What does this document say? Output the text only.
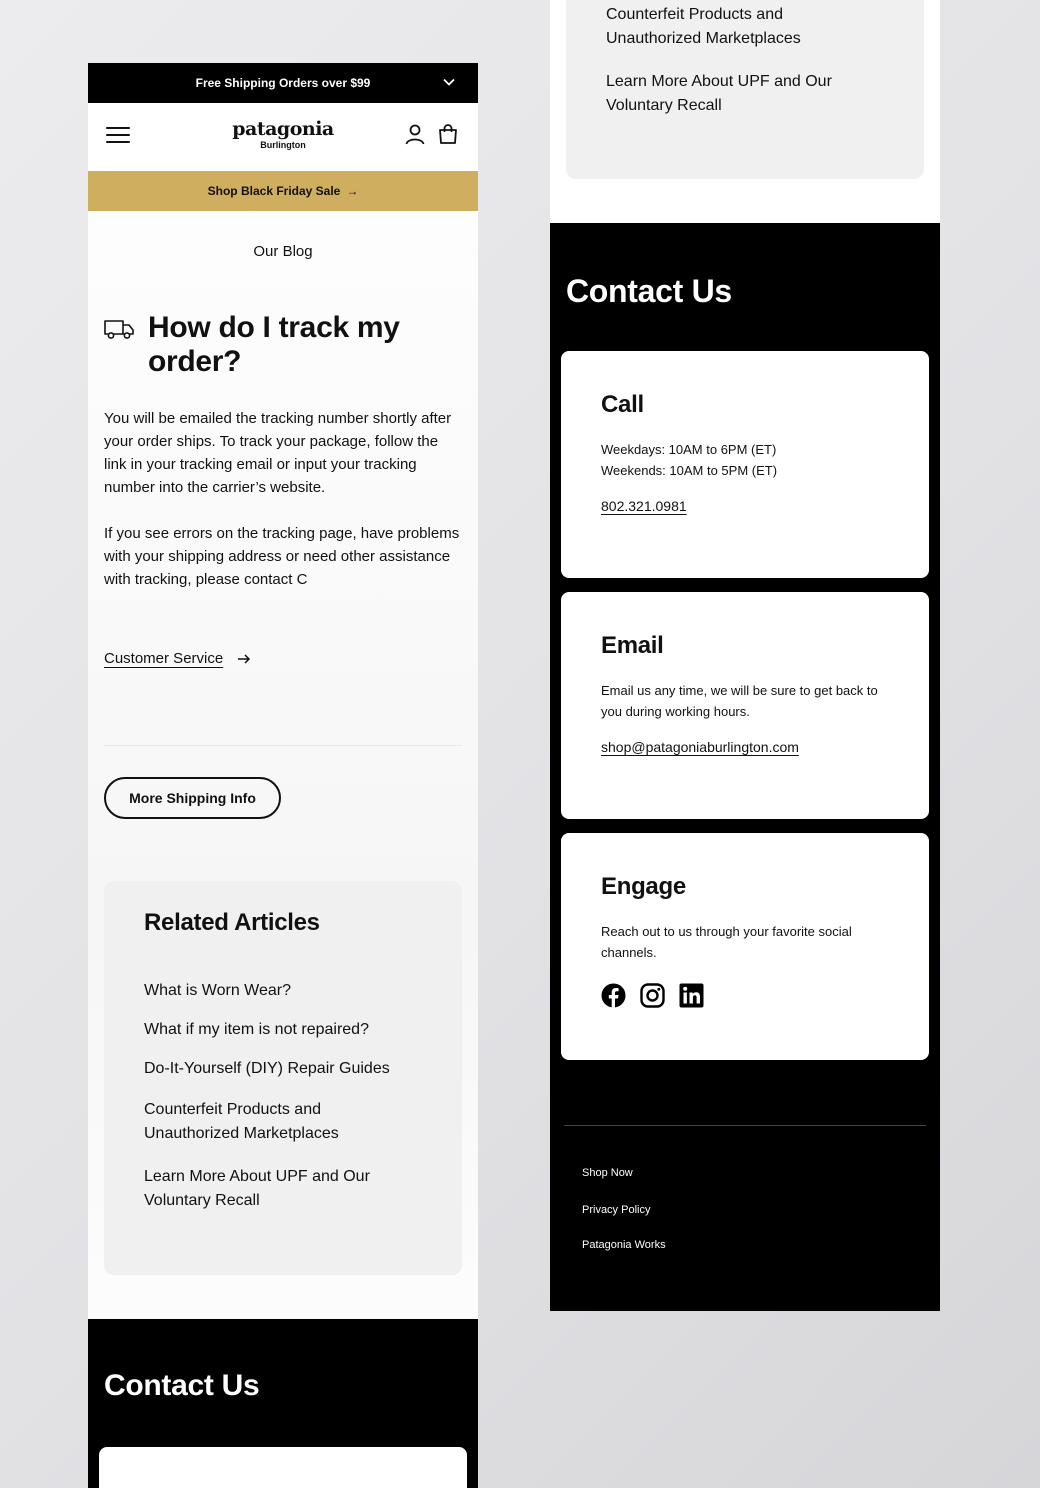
Free Shipping Orders over $99
patagonia
Burlington
Shop Black Friday Sale →
Our Blog
How do I track my order?
You will be emailed the tracking number shortly after your order ships. To track your package, follow the link in your tracking email or input your tracking number into the carrier’s website.
If you see errors on the tracking page, have problems with your shipping address or need other assistance with tracking, please contact C
Customer Service
More Shipping Info
Related Articles
What is Worn Wear?
What if my item is not repaired?
Do-It-Yourself (DIY) Repair Guides
Counterfeit Products and Unauthorized Marketplaces
Learn More About UPF and Our Voluntary Recall
Contact Us
Counterfeit Products and Unauthorized Marketplaces
Learn More About UPF and Our Voluntary Recall
Contact Us
Call
Weekdays: 10AM to 6PM (ET)
Weekends: 10AM to 5PM (ET)
802.321.0981
Email
Email us any time, we will be sure to get back to you during working hours.
shop@patagoniaburlington.com
Engage
Reach out to us through your favorite social channels.
Shop Now
Privacy Policy
Patagonia Works
